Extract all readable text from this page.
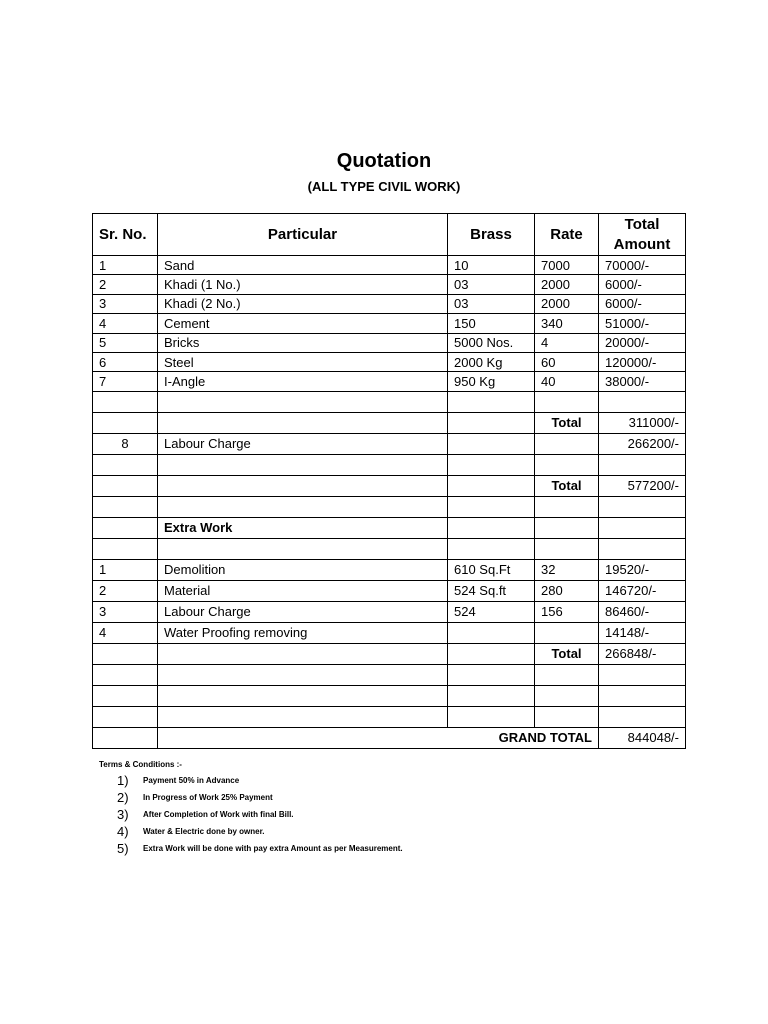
Quotation
(ALL TYPE CIVIL WORK)
Sr. No.	Particular	Brass	Rate	Total
Amount
1	Sand	10	7000	70000/-
2	Khadi (1 No.)	03	2000	6000/-
3	Khadi (2 No.)	03	2000	6000/-
4	Cement	150	340	51000/-
5	Bricks	5000 Nos.	4	20000/-
6	Steel	2000 Kg	60	120000/-
7	I-Angle	950 Kg	40	38000/-

			Total	311000/-
8	Labour Charge			266200/-

			Total	577200/-

	Extra Work			

1	Demolition	610 Sq.Ft	32	19520/-
2	Material	524 Sq.ft	280	146720/-
3	Labour Charge	524	156	86460/-
4	Water Proofing removing			14148/-
			Total	266848/-

	GRAND TOTAL			844048/-
Terms & Conditions :-
1)	Payment 50% in Advance
2)	In Progress of Work 25% Payment
3)	After Completion of Work with final Bill.
4)	Water & Electric done by owner.
5)	Extra Work will be done with pay extra Amount as per Measurement.
